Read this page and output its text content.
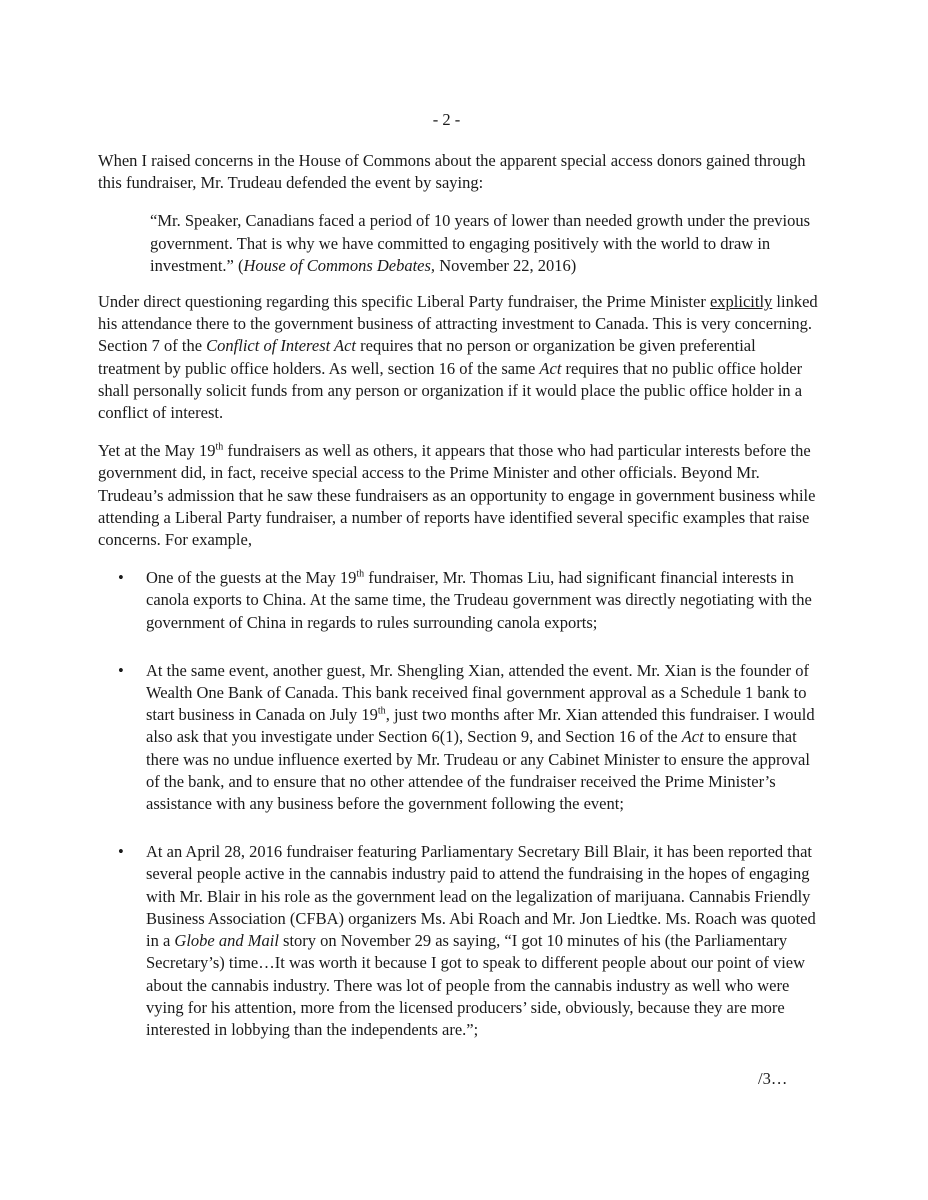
- 2 -

When I raised concerns in the House of Commons about the apparent special access donors gained through this fundraiser, Mr. Trudeau defended the event by saying:

“Mr. Speaker, Canadians faced a period of 10 years of lower than needed growth under the previous government. That is why we have committed to engaging positively with the world to draw in investment.” (House of Commons Debates, November 22, 2016)

Under direct questioning regarding this specific Liberal Party fundraiser, the Prime Minister explicitly linked his attendance there to the government business of attracting investment to Canada. This is very concerning. Section 7 of the Conflict of Interest Act requires that no person or organization be given preferential treatment by public office holders. As well, section 16 of the same Act requires that no public office holder shall personally solicit funds from any person or organization if it would place the public office holder in a conflict of interest.

Yet at the May 19th fundraisers as well as others, it appears that those who had particular interests before the government did, in fact, receive special access to the Prime Minister and other officials. Beyond Mr. Trudeau’s admission that he saw these fundraisers as an opportunity to engage in government business while attending a Liberal Party fundraiser, a number of reports have identified several specific examples that raise concerns. For example,

• One of the guests at the May 19th fundraiser, Mr. Thomas Liu, had significant financial interests in canola exports to China. At the same time, the Trudeau government was directly negotiating with the government of China in regards to rules surrounding canola exports;
• At the same event, another guest, Mr. Shengling Xian, attended the event. Mr. Xian is the founder of Wealth One Bank of Canada. This bank received final government approval as a Schedule 1 bank to start business in Canada on July 19th, just two months after Mr. Xian attended this fundraiser. I would also ask that you investigate under Section 6(1), Section 9, and Section 16 of the Act to ensure that there was no undue influence exerted by Mr. Trudeau or any Cabinet Minister to ensure the approval of the bank, and to ensure that no other attendee of the fundraiser received the Prime Minister’s assistance with any business before the government following the event;
• At an April 28, 2016 fundraiser featuring Parliamentary Secretary Bill Blair, it has been reported that several people active in the cannabis industry paid to attend the fundraising in the hopes of engaging with Mr. Blair in his role as the government lead on the legalization of marijuana. Cannabis Friendly Business Association (CFBA) organizers Ms. Abi Roach and Mr. Jon Liedtke. Ms. Roach was quoted in a Globe and Mail story on November 29 as saying, “I got 10 minutes of his (the Parliamentary Secretary’s) time…It was worth it because I got to speak to different people about our point of view about the cannabis industry. There was lot of people from the cannabis industry as well who were vying for his attention, more from the licensed producers’ side, obviously, because they are more interested in lobbying than the independents are.”;
/3…
